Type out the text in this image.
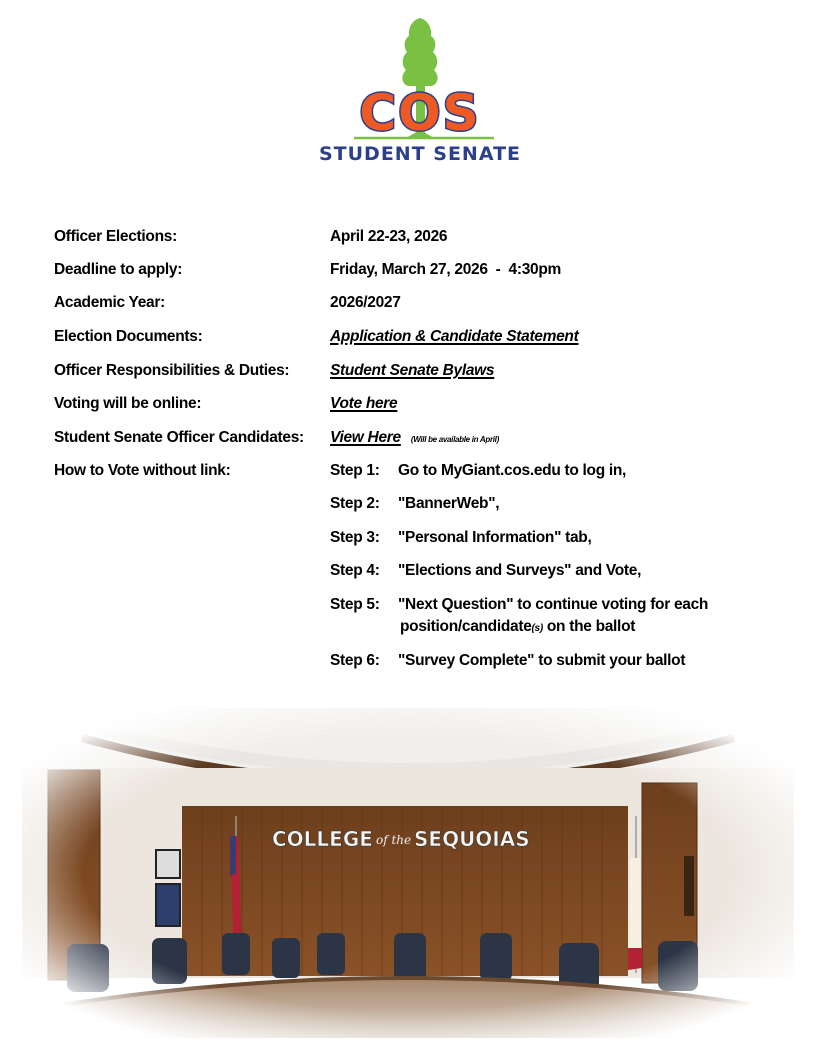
COS
STUDENT SENATE
Officer Elections:	April 22-23, 2026
Deadline to apply:	Friday, March 27, 2026  -  4:30pm
Academic Year:	2026/2027
Election Documents:	Application & Candidate Statement
Officer Responsibilities & Duties:	Student Senate Bylaws
Voting will be online:	Vote here
Student Senate Officer Candidates: View Here (Will be available in April)
How to Vote without link:	Step 1: Go to MyGiant.cos.edu to log in,
Step 2: "BannerWeb",
Step 3: "Personal Information" tab,
Step 4: "Elections and Surveys" and Vote,
Step 5: "Next Question" to continue voting for each
position/candidate(s) on the ballot
Step 6: "Survey Complete" to submit your ballot
